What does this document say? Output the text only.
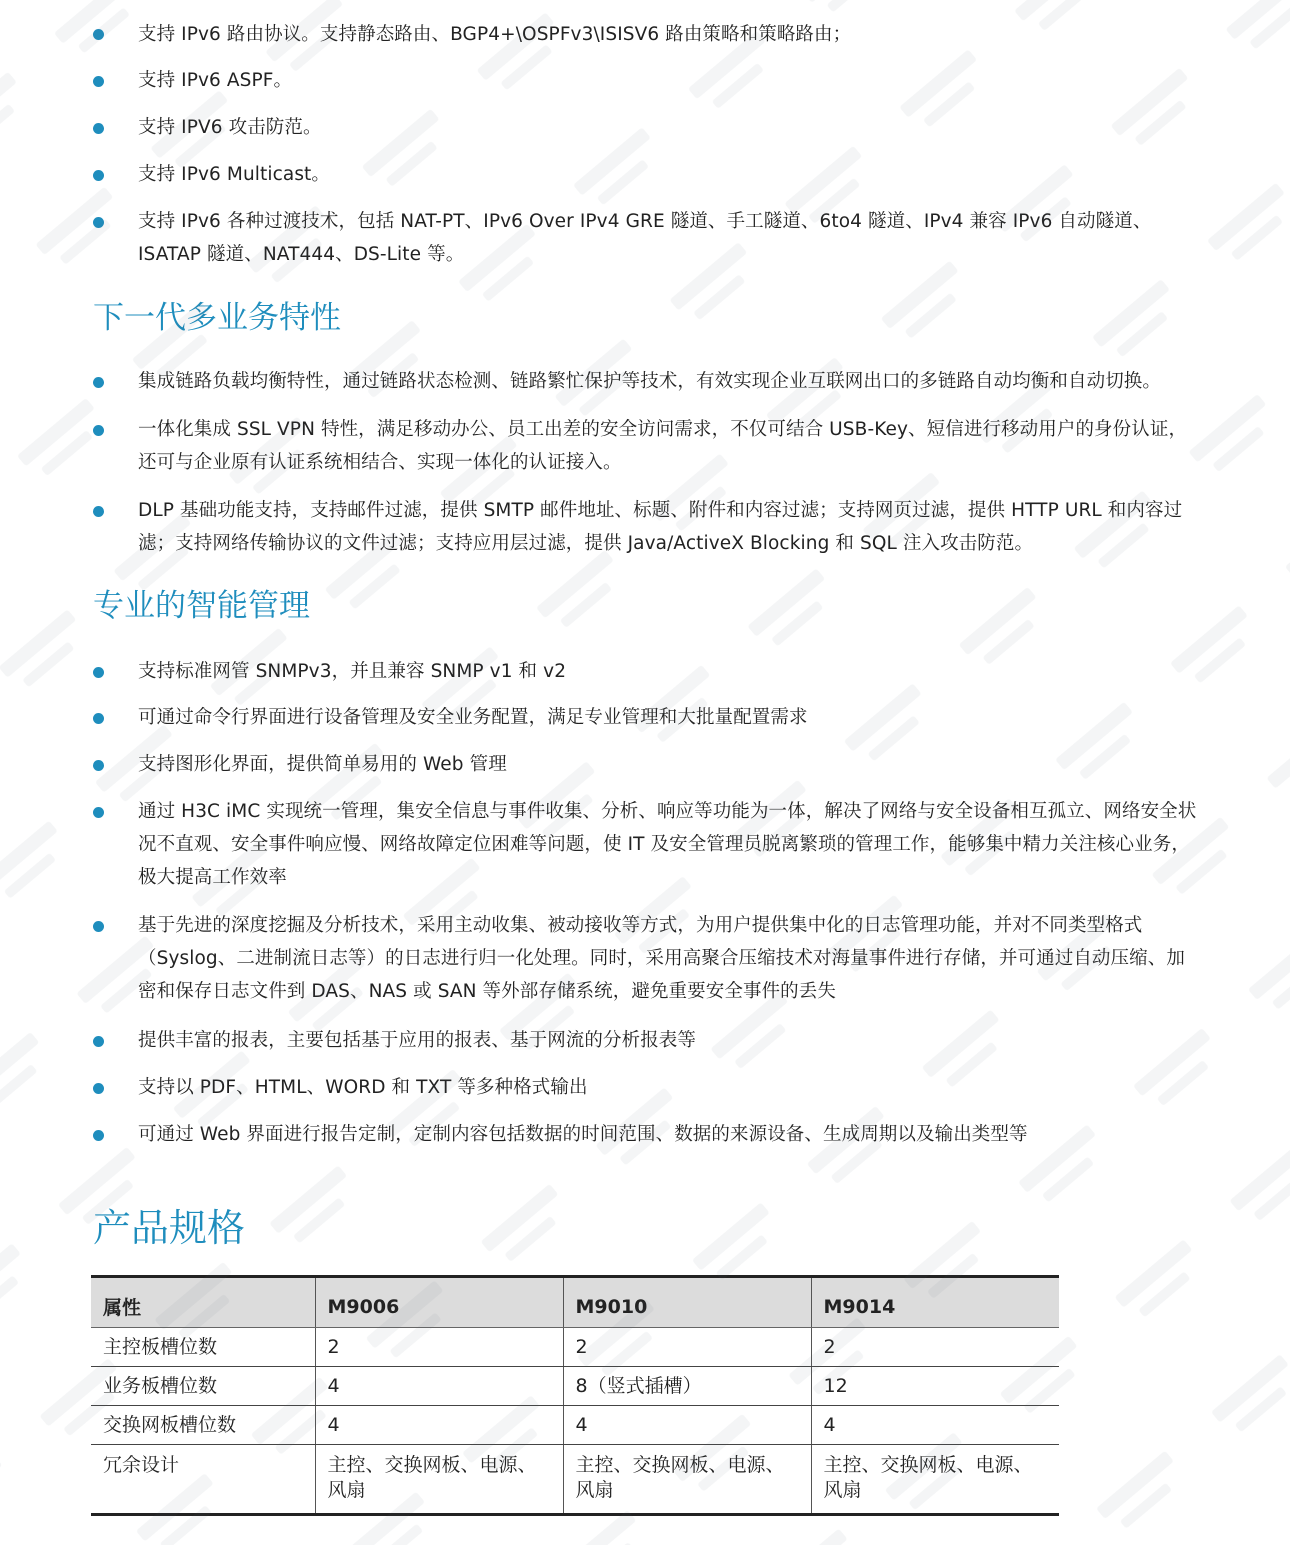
支持 IPv6 路由协议。支持静态路由、BGP4+\OSPFv3\ISISV6 路由策略和策略路由；
支持 IPv6 ASPF。
支持 IPV6 攻击防范。
支持 IPv6 Multicast。
支持 IPv6 各种过渡技术，包括 NAT-PT、IPv6 Over IPv4 GRE 隧道、手工隧道、6to4 隧道、IPv4 兼容 IPv6 自动隧道、ISATAP 隧道、NAT444、DS-Lite 等。
下一代多业务特性
集成链路负载均衡特性，通过链路状态检测、链路繁忙保护等技术，有效实现企业互联网出口的多链路自动均衡和自动切换。
一体化集成 SSL VPN 特性，满足移动办公、员工出差的安全访问需求，不仅可结合 USB-Key、短信进行移动用户的身份认证，还可与企业原有认证系统相结合、实现一体化的认证接入。
DLP 基础功能支持，支持邮件过滤，提供 SMTP 邮件地址、标题、附件和内容过滤；支持网页过滤，提供 HTTP URL 和内容过滤；支持网络传输协议的文件过滤；支持应用层过滤，提供 Java/ActiveX Blocking 和 SQL 注入攻击防范。
专业的智能管理
支持标准网管 SNMPv3，并且兼容 SNMP v1 和 v2
可通过命令行界面进行设备管理及安全业务配置，满足专业管理和大批量配置需求
支持图形化界面，提供简单易用的 Web 管理
通过 H3C iMC 实现统一管理，集安全信息与事件收集、分析、响应等功能为一体，解决了网络与安全设备相互孤立、网络安全状况不直观、安全事件响应慢、网络故障定位困难等问题，使 IT 及安全管理员脱离繁琐的管理工作，能够集中精力关注核心业务，极大提高工作效率
基于先进的深度挖掘及分析技术，采用主动收集、被动接收等方式，为用户提供集中化的日志管理功能，并对不同类型格式（Syslog、二进制流日志等）的日志进行归一化处理。同时，采用高聚合压缩技术对海量事件进行存储，并可通过自动压缩、加密和保存日志文件到 DAS、NAS 或 SAN 等外部存储系统，避免重要安全事件的丢失
提供丰富的报表，主要包括基于应用的报表、基于网流的分析报表等
支持以 PDF、HTML、WORD 和 TXT 等多种格式输出
可通过 Web 界面进行报告定制，定制内容包括数据的时间范围、数据的来源设备、生成周期以及输出类型等
产品规格
属性	M9006	M9010	M9014
主控板槽位数	2	2	2
业务板槽位数	4	8（竖式插槽）	12
交换网板槽位数	4	4	4
冗余设计	主控、交换网板、电源、风扇	主控、交换网板、电源、风扇	主控、交换网板、电源、风扇
